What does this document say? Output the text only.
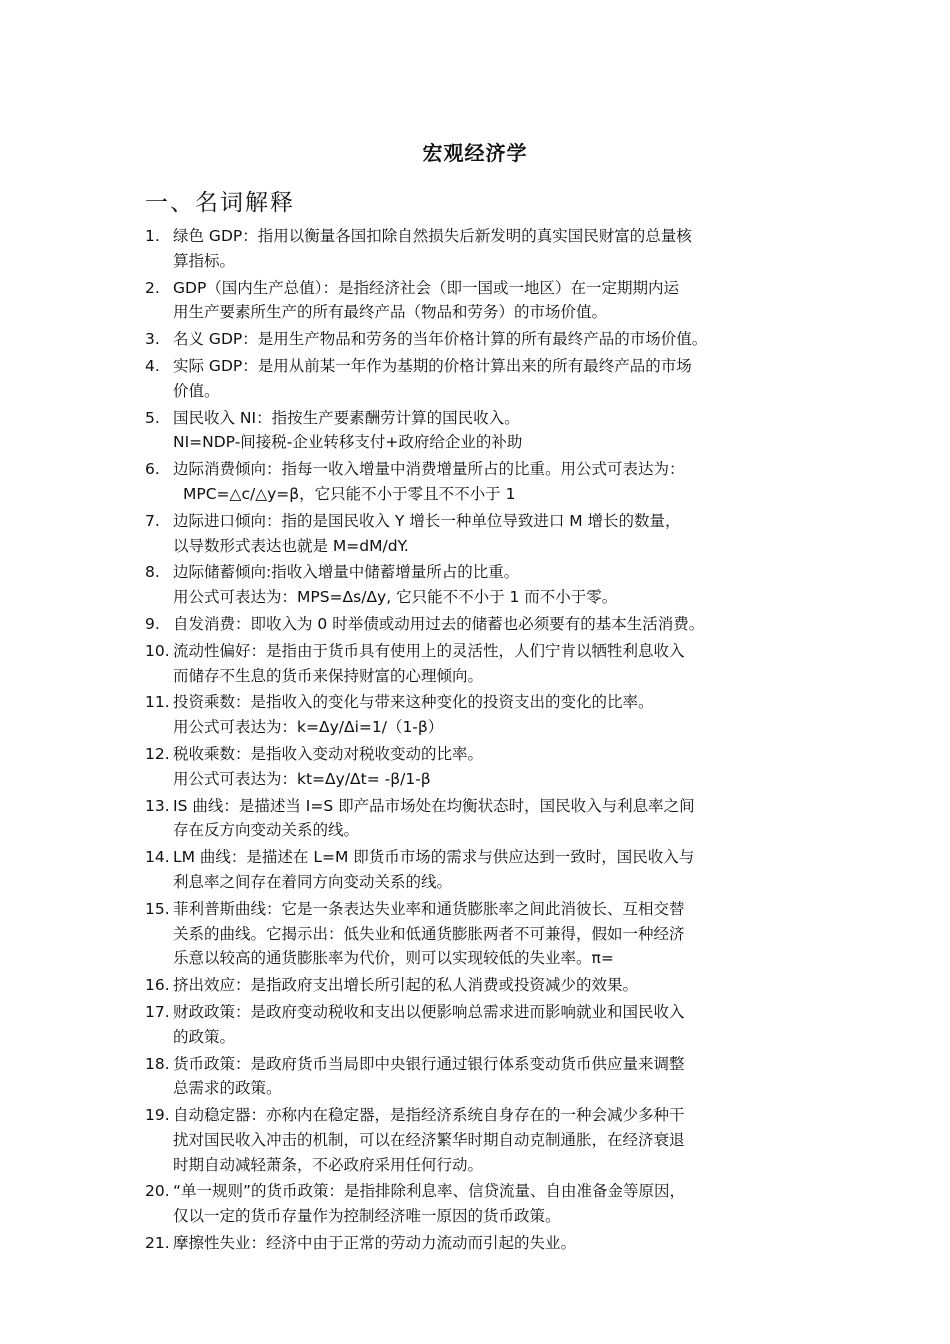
宏观经济学
一、名词解释
1. 绿色 GDP：指用以衡量各国扣除自然损失后新发明的真实国民财富的总量核
算指标。
2. GDP（国内生产总值）：是指经济社会（即一国或一地区）在一定期期内运
用生产要素所生产的所有最终产品（物品和劳务）的市场价值。
3. 名义 GDP：是用生产物品和劳务的当年价格计算的所有最终产品的市场价值。
4. 实际 GDP：是用从前某一年作为基期的价格计算出来的所有最终产品的市场
价值。
5. 国民收入 NI：指按生产要素酬劳计算的国民收入。
NI=NDP-间接税-企业转移支付+政府给企业的补助
6. 边际消费倾向：指每一收入增量中消费增量所占的比重。用公式可表达为：
MPC=△c/△y=β，它只能不小于零且不不小于 1
7. 边际进口倾向：指的是国民收入 Y 增长一种单位导致进口 M 增长的数量，
以导数形式表达也就是 M=dM/dY.
8. 边际储蓄倾向:指收入增量中储蓄增量所占的比重。
用公式可表达为：MPS=Δs/Δy, 它只能不不小于 1 而不小于零。
9. 自发消费：即收入为 0 时举债或动用过去的储蓄也必须要有的基本生活消费。
10. 流动性偏好：是指由于货币具有使用上的灵活性，人们宁肯以牺牲利息收入
而储存不生息的货币来保持财富的心理倾向。
11. 投资乘数：是指收入的变化与带来这种变化的投资支出的变化的比率。
用公式可表达为：k=Δy/Δi=1/（1-β）
12. 税收乘数：是指收入变动对税收变动的比率。
用公式可表达为：kt=Δy/Δt= -β/1-β
13. IS 曲线：是描述当 I=S 即产品市场处在均衡状态时，国民收入与利息率之间
存在反方向变动关系的线。
14. LM 曲线：是描述在 L=M 即货币市场的需求与供应达到一致时，国民收入与
利息率之间存在着同方向变动关系的线。
15. 菲利普斯曲线：它是一条表达失业率和通货膨胀率之间此消彼长、互相交替
关系的曲线。它揭示出：低失业和低通货膨胀两者不可兼得，假如一种经济
乐意以较高的通货膨胀率为代价，则可以实现较低的失业率。π=
16. 挤出效应：是指政府支出增长所引起的私人消费或投资减少的效果。
17. 财政政策：是政府变动税收和支出以便影响总需求进而影响就业和国民收入
的政策。
18. 货币政策：是政府货币当局即中央银行通过银行体系变动货币供应量来调整
总需求的政策。
19. 自动稳定器：亦称内在稳定器，是指经济系统自身存在的一种会减少多种干
扰对国民收入冲击的机制，可以在经济繁华时期自动克制通胀，在经济衰退
时期自动减轻萧条，不必政府采用任何行动。
20. “单一规则”的货币政策：是指排除利息率、信贷流量、自由准备金等原因，
仅以一定的货币存量作为控制经济唯一原因的货币政策。
21. 摩擦性失业：经济中由于正常的劳动力流动而引起的失业。
